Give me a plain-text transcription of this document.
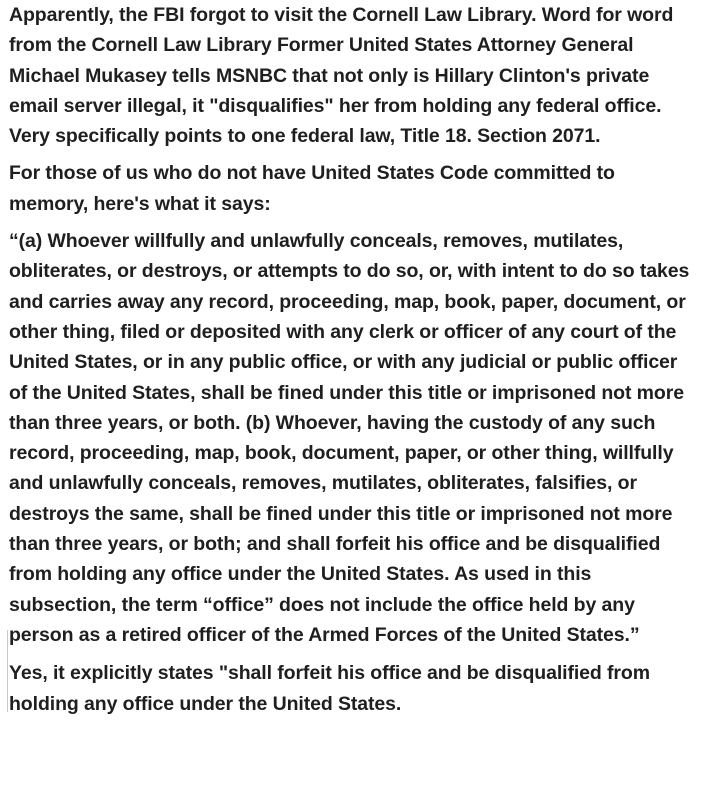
Apparently, the FBI forgot to visit the Cornell Law Library. Word for word from the Cornell Law Library Former United States Attorney General Michael Mukasey tells MSNBC that not only is Hillary Clinton's private email server illegal, it "disqualifies" her from holding any federal office. Very specifically points to one federal law, Title 18. Section 2071.

For those of us who do not have United States Code committed to memory, here's what it says:

“(a) Whoever willfully and unlawfully conceals, removes, mutilates, obliterates, or destroys, or attempts to do so, or, with intent to do so takes and carries away any record, proceeding, map, book, paper, document, or other thing, filed or deposited with any clerk or officer of any court of the United States, or in any public office, or with any judicial or public officer of the United States, shall be fined under this title or imprisoned not more than three years, or both. (b) Whoever, having the custody of any such record, proceeding, map, book, document, paper, or other thing, willfully and unlawfully conceals, removes, mutilates, obliterates, falsifies, or destroys the same, shall be fined under this title or imprisoned not more than three years, or both; and shall forfeit his office and be disqualified from holding any office under the United States. As used in this subsection, the term “office” does not include the office held by any person as a retired officer of the Armed Forces of the United States.”

Yes, it explicitly states "shall forfeit his office and be disqualified from holding any office under the United States.
